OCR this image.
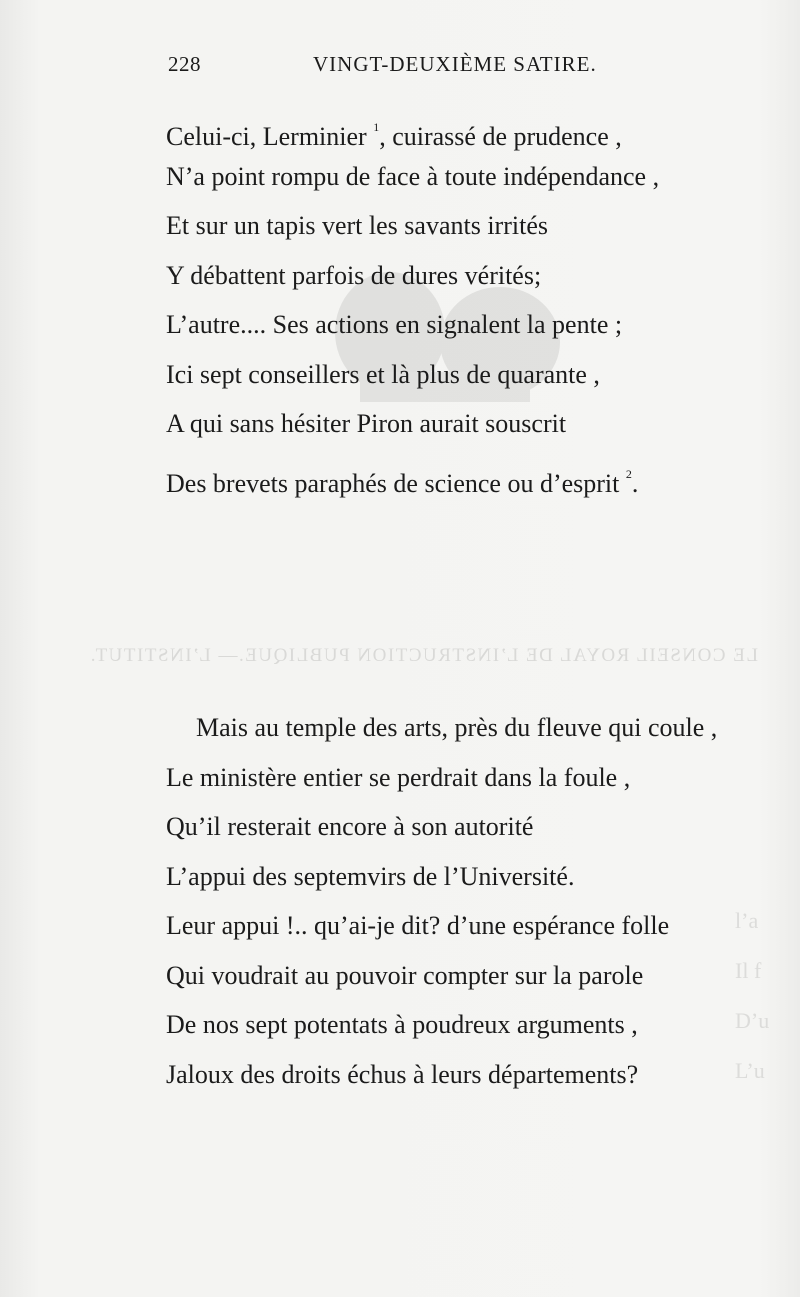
LE CONSEIL ROYAL DE L’INSTRUCTION PUBLIQUE.— L’INSTITUT.
l’a
Il f
D’u
L’u
228	VINGT-DEUXIÈME SATIRE.
Celui-ci, Lerminier $^1$, cuirassé de prudence ,
N’a point rompu de face à toute indépendance ,
Et sur un tapis vert les savants irrités
Y débattent parfois de dures vérités;
L’autre.... Ses actions en signalent la pente ;
Ici sept conseillers et là plus de quarante ,
A qui sans hésiter Piron aurait souscrit
Des brevets paraphés de science ou d’esprit $^2$.
Mais au temple des arts, près du fleuve qui coule ,
Le ministère entier se perdrait dans la foule ,
Qu’il resterait encore à son autorité
L’appui des septemvirs de l’Université.
Leur appui !.. qu’ai-je dit? d’une espérance folle
Qui voudrait au pouvoir compter sur la parole
De nos sept potentats à poudreux arguments ,
Jaloux des droits échus à leurs départements?
